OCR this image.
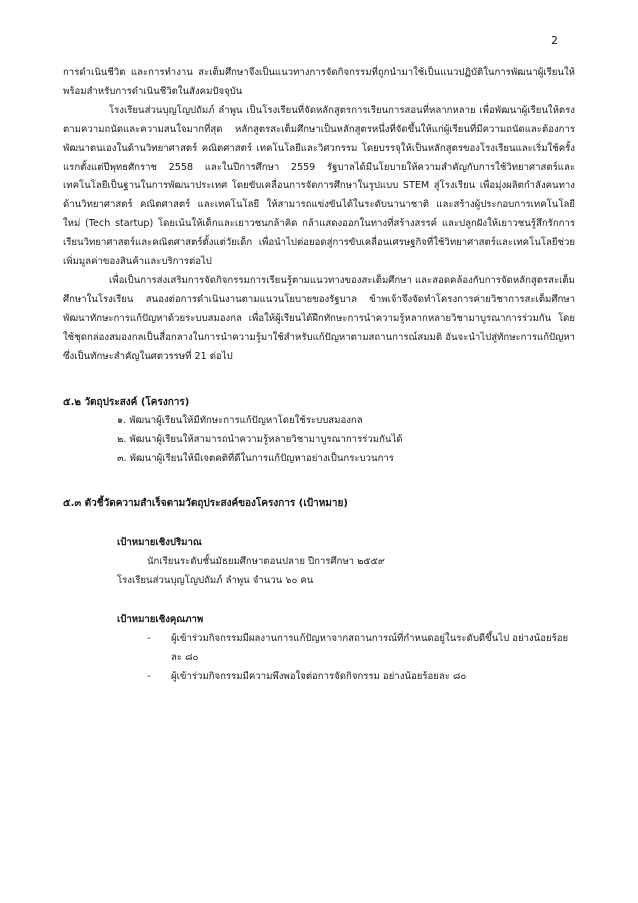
2

การดำเนินชีวิต และการทำงาน สะเต็มศึกษาจึงเป็นแนวทางการจัดกิจกรรมที่ถูกนำมาใช้เป็นแนวปฏิบัติในการพัฒนาผู้เรียนให้พร้อมสำหรับการดำเนินชีวิตในสังคมปัจจุบัน

โรงเรียนส่วนบุญโญปถัมภ์ ลำพูน เป็นโรงเรียนที่จัดหลักสูตรการเรียนการสอนที่หลากหลาย เพื่อพัฒนาผู้เรียนให้ตรงตามความถนัดและความสนใจมากที่สุด หลักสูตรสะเต็มศึกษาเป็นหลักสูตรหนึ่งที่จัดขึ้นให้แก่ผู้เรียนที่มีความถนัดและต้องการพัฒนาตนเองในด้านวิทยาศาสตร์ คณิตศาสตร์ เทคโนโลยีและวิศวกรรม โดยบรรจุให้เป็นหลักสูตรของโรงเรียนและเริ่มใช้ครั้งแรกตั้งแต่ปีพุทธศักราช 2558 และในปีการศึกษา 2559 รัฐบาลได้มีนโยบายให้ความสำคัญกับการใช้วิทยาศาสตร์และเทคโนโลยีเป็นฐานในการพัฒนาประเทศ โดยขับเคลื่อนการจัดการศึกษาในรูปแบบ STEM สู่โรงเรียน เพื่อมุ่งผลิตกำลังคนทางด้านวิทยาศาสตร์ คณิตศาสตร์ และเทคโนโลยี ให้สามารถแข่งขันได้ในระดับนานาชาติ และสร้างผู้ประกอบการเทคโนโลยีใหม่ (Tech startup) โดยเน้นให้เด็กและเยาวชนกล้าคิด กล้าแสดงออกในทางที่สร้างสรรค์ และปลูกฝังให้เยาวชนรู้สึกรักการเรียนวิทยาศาสตร์และคณิตศาสตร์ตั้งแต่วัยเด็ก เพื่อนำไปต่อยอดสู่การขับเคลื่อนเศรษฐกิจที่ใช้วิทยาศาสตร์และเทคโนโลยีช่วยเพิ่มมูลค่าของสินค้าและบริการต่อไป

เพื่อเป็นการส่งเสริมการจัดกิจกรรมการเรียนรู้ตามแนวทางของสะเต็มศึกษา และสอดคล้องกับการจัดหลักสูตรสะเต็มศึกษาในโรงเรียน สนองต่อการดำเนินงานตามแนวนโยบายของรัฐบาล ข้าพเจ้าจึงจัดทำโครงการค่ายวิชาการสะเต็มศึกษาพัฒนาทักษะการแก้ปัญหาด้วยระบบสมองกล เพื่อให้ผู้เรียนได้ฝึกทักษะการนำความรู้หลากหลายวิชามาบูรณาการร่วมกัน โดยใช้ชุดกล่องสมองกลเป็นสื่อกลางในการนำความรู้มาใช้สำหรับแก้ปัญหาตามสถานการณ์สมมติ อันจะนำไปสู่ทักษะการแก้ปัญหาซึ่งเป็นทักษะสำคัญในศตวรรษที่ 21 ต่อไป

๕.๒ วัตถุประสงค์ (โครงการ)

๑. พัฒนาผู้เรียนให้มีทักษะการแก้ปัญหาโดยใช้ระบบสมองกล
๒. พัฒนาผู้เรียนให้สามารถนำความรู้หลายวิชามาบูรณาการร่วมกันได้
๓. พัฒนาผู้เรียนให้มีเจตคติที่ดีในการแก้ปัญหาอย่างเป็นกระบวนการ

๕.๓ ตัวชี้วัดความสำเร็จตามวัตถุประสงค์ของโครงการ (เป้าหมาย)

เป้าหมายเชิงปริมาณ

นักเรียนระดับชั้นมัธยมศึกษาตอนปลาย ปีการศึกษา ๒๕๕๙

โรงเรียนส่วนบุญโญปถัมภ์ ลำพูน จำนวน ๖๐ คน

เป้าหมายเชิงคุณภาพ

-	ผู้เข้าร่วมกิจกรรมมีผลงานการแก้ปัญหาจากสถานการณ์ที่กำหนดอยู่ในระดับดีขึ้นไป อย่างน้อยร้อยละ ๘๐
-	ผู้เข้าร่วมกิจกรรมมีความพึงพอใจต่อการจัดกิจกรรม อย่างน้อยร้อยละ ๘๐
